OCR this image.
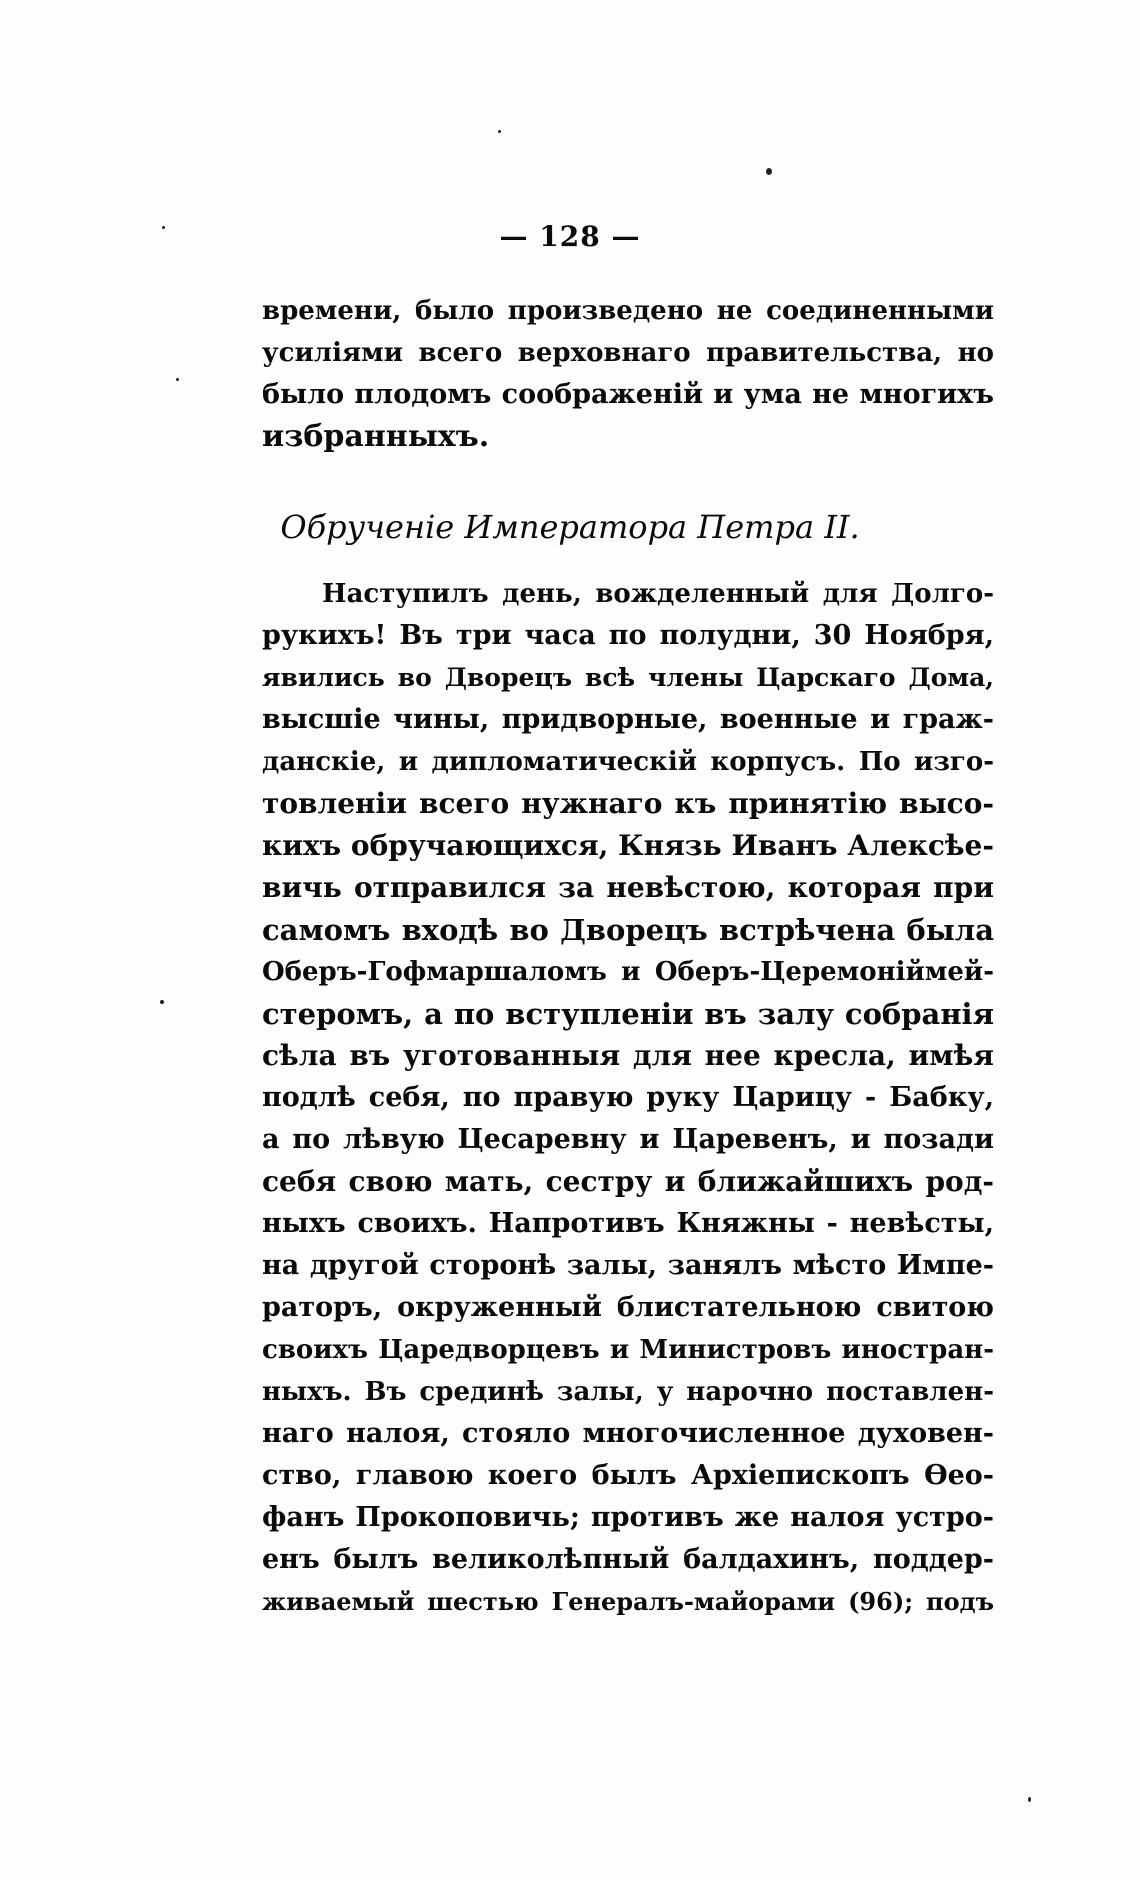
— 128 —
времени, было произведено не соединенными
усиліями всего верховнаго правительства, но
было плодомъ соображеній и ума не многихъ
избранныхъ.
Обрученіе Императора Петра II.
Наступилъ день, вожделенный для Долго-
рукихъ! Въ три часа по полудни, 30 Ноября,
явились во Дворецъ всѣ члены Царскаго Дома,
высшіе чины, придворные, военные и граж-
данскіе, и дипломатическій корпусъ. По изго-
товленіи всего нужнаго къ принятію высо-
кихъ обручающихся, Князь Иванъ Алексѣе-
вичь отправился за невѣстою, которая при
самомъ входѣ во Дворецъ встрѣчена была
Оберъ-Гофмаршаломъ и Оберъ-Церемоніймей-
стеромъ, а по вступленіи въ залу собранія
сѣла въ уготованныя для нее кресла, имѣя
подлѣ себя, по правую руку Царицу - Бабку,
а по лѣвую Цесаревну и Царевенъ, и позади
себя свою мать, сестру и ближайшихъ род-
ныхъ своихъ. Напротивъ Княжны - невѣсты,
на другой сторонѣ залы, занялъ мѣсто Импе-
раторъ, окруженный блистательною свитою
своихъ Царедворцевъ и Министровъ иностран-
ныхъ. Въ срединѣ залы, у нарочно поставлен-
наго налоя, стояло многочисленное духовен-
ство, главою коего былъ Архіепископъ Ѳео-
фанъ Прокоповичь; противъ же налоя устро-
енъ былъ великолѣпный балдахинъ, поддер-
живаемый шестью Генералъ-майорами (96); подъ
